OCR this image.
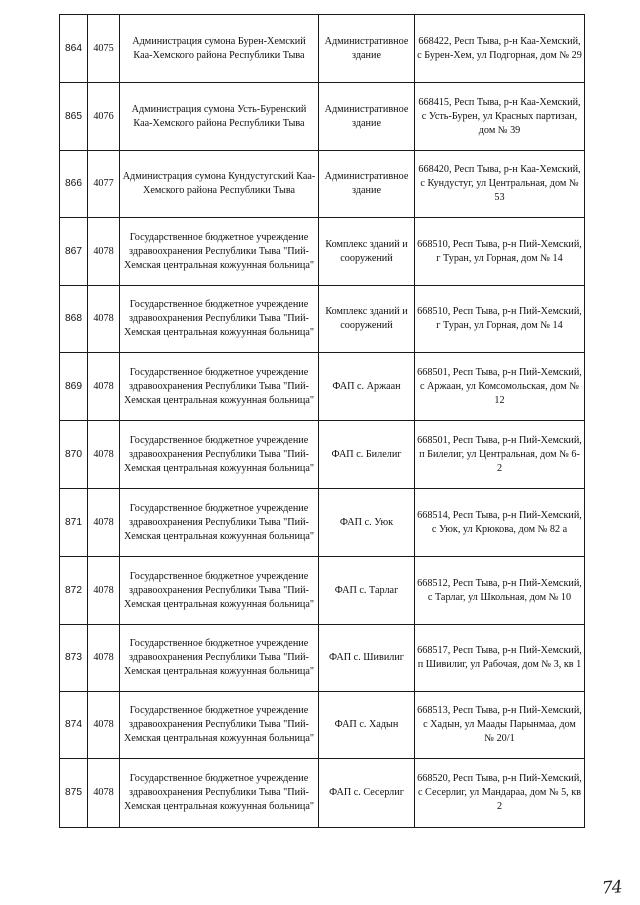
864	4075	Администрация сумона Бурен-Хемский Каа-Хемского района Республики Тыва	Административное здание	668422, Респ Тыва, р-н Каа-Хемский, с Бурен-Хем, ул Подгорная, дом № 29
865	4076	Администрация сумона Усть-Буренский Каа-Хемского района Республики Тыва	Административное здание	668415, Респ Тыва, р-н Каа-Хемский, с Усть-Бурен, ул Красных партизан, дом № 39
866	4077	Администрация сумона Кундустугский Каа-Хемского района Республики Тыва	Административное здание	668420, Респ Тыва, р-н Каа-Хемский, с Кундустуг, ул Центральная, дом № 53
867	4078	Государственное бюджетное учреждение здравоохранения Республики Тыва "Пий-Хемская центральная кожуунная больница"	Комплекс зданий и сооружений	668510, Респ Тыва, р-н Пий-Хемский, г Туран, ул Горная, дом № 14
868	4078	Государственное бюджетное учреждение здравоохранения Республики Тыва "Пий-Хемская центральная кожуунная больница"	Комплекс зданий и сооружений	668510, Респ Тыва, р-н Пий-Хемский, г Туран, ул Горная, дом № 14
869	4078	Государственное бюджетное учреждение здравоохранения Республики Тыва "Пий-Хемская центральная кожуунная больница"	ФАП с. Аржаан	668501, Респ Тыва, р-н Пий-Хемский, с Аржаан, ул Комсомольская, дом № 12
870	4078	Государственное бюджетное учреждение здравоохранения Республики Тыва "Пий-Хемская центральная кожуунная больница"	ФАП с. Билелиг	668501, Респ Тыва, р-н Пий-Хемский, п Билелиг, ул Центральная, дом № 6-2
871	4078	Государственное бюджетное учреждение здравоохранения Республики Тыва "Пий-Хемская центральная кожуунная больница"	ФАП с. Уюк	668514, Респ Тыва, р-н Пий-Хемский, с Уюк, ул Крюкова, дом № 82 а
872	4078	Государственное бюджетное учреждение здравоохранения Республики Тыва "Пий-Хемская центральная кожуунная больница"	ФАП с. Тарлаг	668512, Респ Тыва, р-н Пий-Хемский, с Тарлаг, ул Школьная, дом № 10
873	4078	Государственное бюджетное учреждение здравоохранения Республики Тыва "Пий-Хемская центральная кожуунная больница"	ФАП с. Шивилиг	668517, Респ Тыва, р-н Пий-Хемский, п Шивилиг, ул Рабочая, дом № 3, кв 1
874	4078	Государственное бюджетное учреждение здравоохранения Республики Тыва "Пий-Хемская центральная кожуунная больница"	ФАП с. Хадын	668513, Респ Тыва, р-н Пий-Хемский, с Хадын, ул Маады Парынмаа, дом № 20/1
875	4078	Государственное бюджетное учреждение здравоохранения Республики Тыва "Пий-Хемская центральная кожуунная больница"	ФАП с. Сесерлиг	668520, Респ Тыва, р-н Пий-Хемский, с Сесерлиг, ул Мандараа, дом № 5, кв 2
74
